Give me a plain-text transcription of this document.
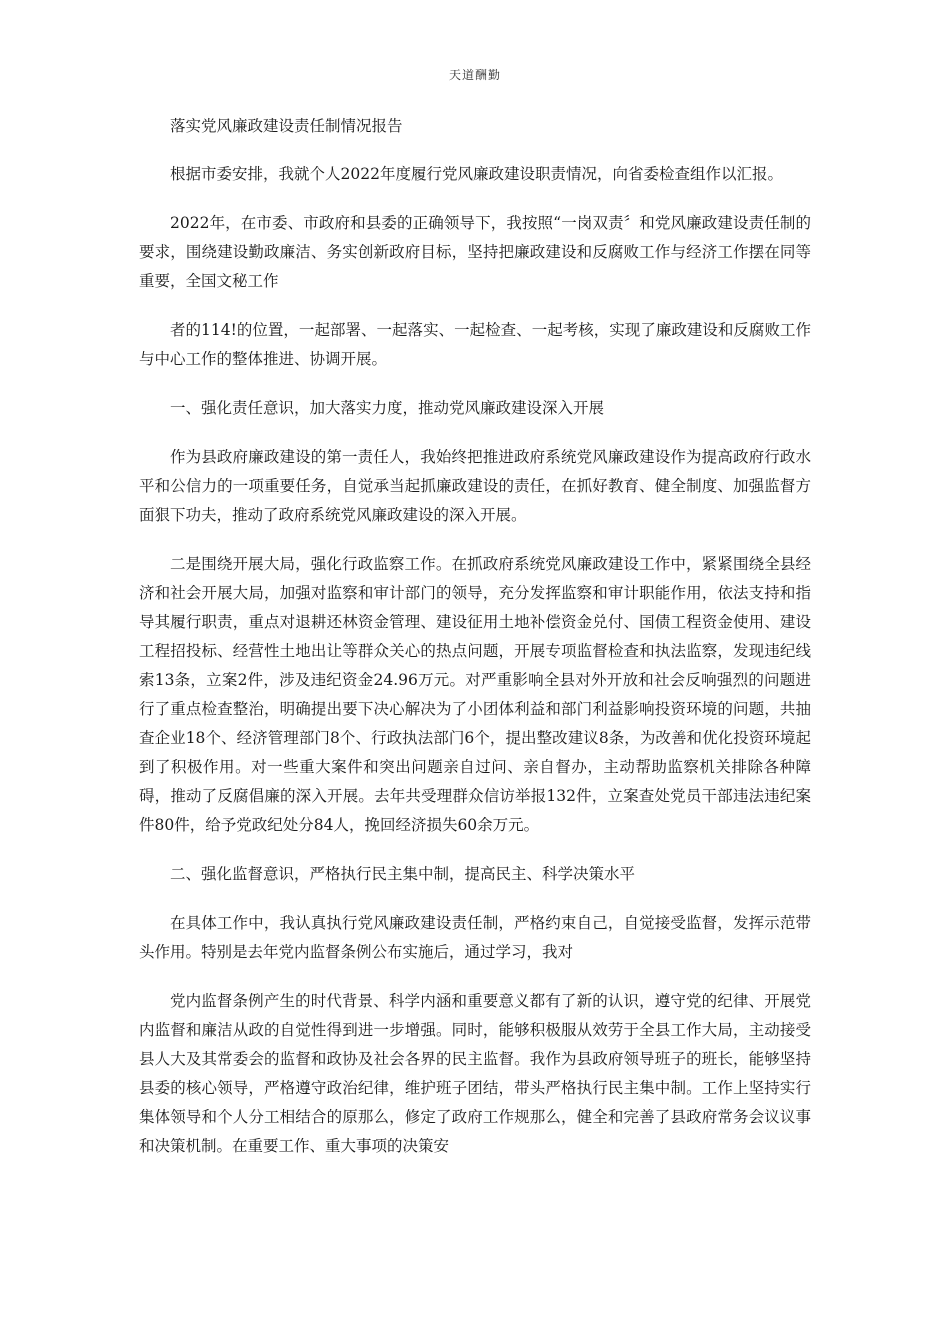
天道酬勤

落实党风廉政建设责任制情况报告

根据市委安排，我就个人2022年度履行党风廉政建设职责情况，向省委检查组作以汇报。

2022年，在市委、市政府和县委的正确领导下，我按照“一岗双责〞和党风廉政建设责任制的要求，围绕建设勤政廉洁、务实创新政府目标，坚持把廉政建设和反腐败工作与经济工作摆在同等重要，全国文秘工作

者的114!的位置，一起部署、一起落实、一起检查、一起考核，实现了廉政建设和反腐败工作与中心工作的整体推进、协调开展。

一、强化责任意识，加大落实力度，推动党风廉政建设深入开展

作为县政府廉政建设的第一责任人，我始终把推进政府系统党风廉政建设作为提高政府行政水平和公信力的一项重要任务，自觉承当起抓廉政建设的责任，在抓好教育、健全制度、加强监督方面狠下功夫，推动了政府系统党风廉政建设的深入开展。

二是围绕开展大局，强化行政监察工作。在抓政府系统党风廉政建设工作中，紧紧围绕全县经济和社会开展大局，加强对监察和审计部门的领导，充分发挥监察和审计职能作用，依法支持和指导其履行职责，重点对退耕还林资金管理、建设征用土地补偿资金兑付、国债工程资金使用、建设工程招投标、经营性土地出让等群众关心的热点问题，开展专项监督检查和执法监察，发现违纪线索13条，立案2件，涉及违纪资金24.96万元。对严重影响全县对外开放和社会反响强烈的问题进行了重点检查整治，明确提出要下决心解决为了小团体利益和部门利益影响投资环境的问题，共抽查企业18个、经济管理部门8个、行政执法部门6个，提出整改建议8条，为改善和优化投资环境起到了积极作用。对一些重大案件和突出问题亲自过问、亲自督办，主动帮助监察机关排除各种障碍，推动了反腐倡廉的深入开展。去年共受理群众信访举报132件，立案查处党员干部违法违纪案件80件，给予党政纪处分84人，挽回经济损失60余万元。

二、强化监督意识，严格执行民主集中制，提高民主、科学决策水平

在具体工作中，我认真执行党风廉政建设责任制，严格约束自己，自觉接受监督，发挥示范带头作用。特别是去年党内监督条例公布实施后，通过学习，我对

党内监督条例产生的时代背景、科学内涵和重要意义都有了新的认识，遵守党的纪律、开展党内监督和廉洁从政的自觉性得到进一步增强。同时，能够积极服从效劳于全县工作大局，主动接受县人大及其常委会的监督和政协及社会各界的民主监督。我作为县政府领导班子的班长，能够坚持县委的核心领导，严格遵守政治纪律，维护班子团结，带头严格执行民主集中制。工作上坚持实行集体领导和个人分工相结合的原那么，修定了政府工作规那么，健全和完善了县政府常务会议议事和决策机制。在重要工作、重大事项的决策安
